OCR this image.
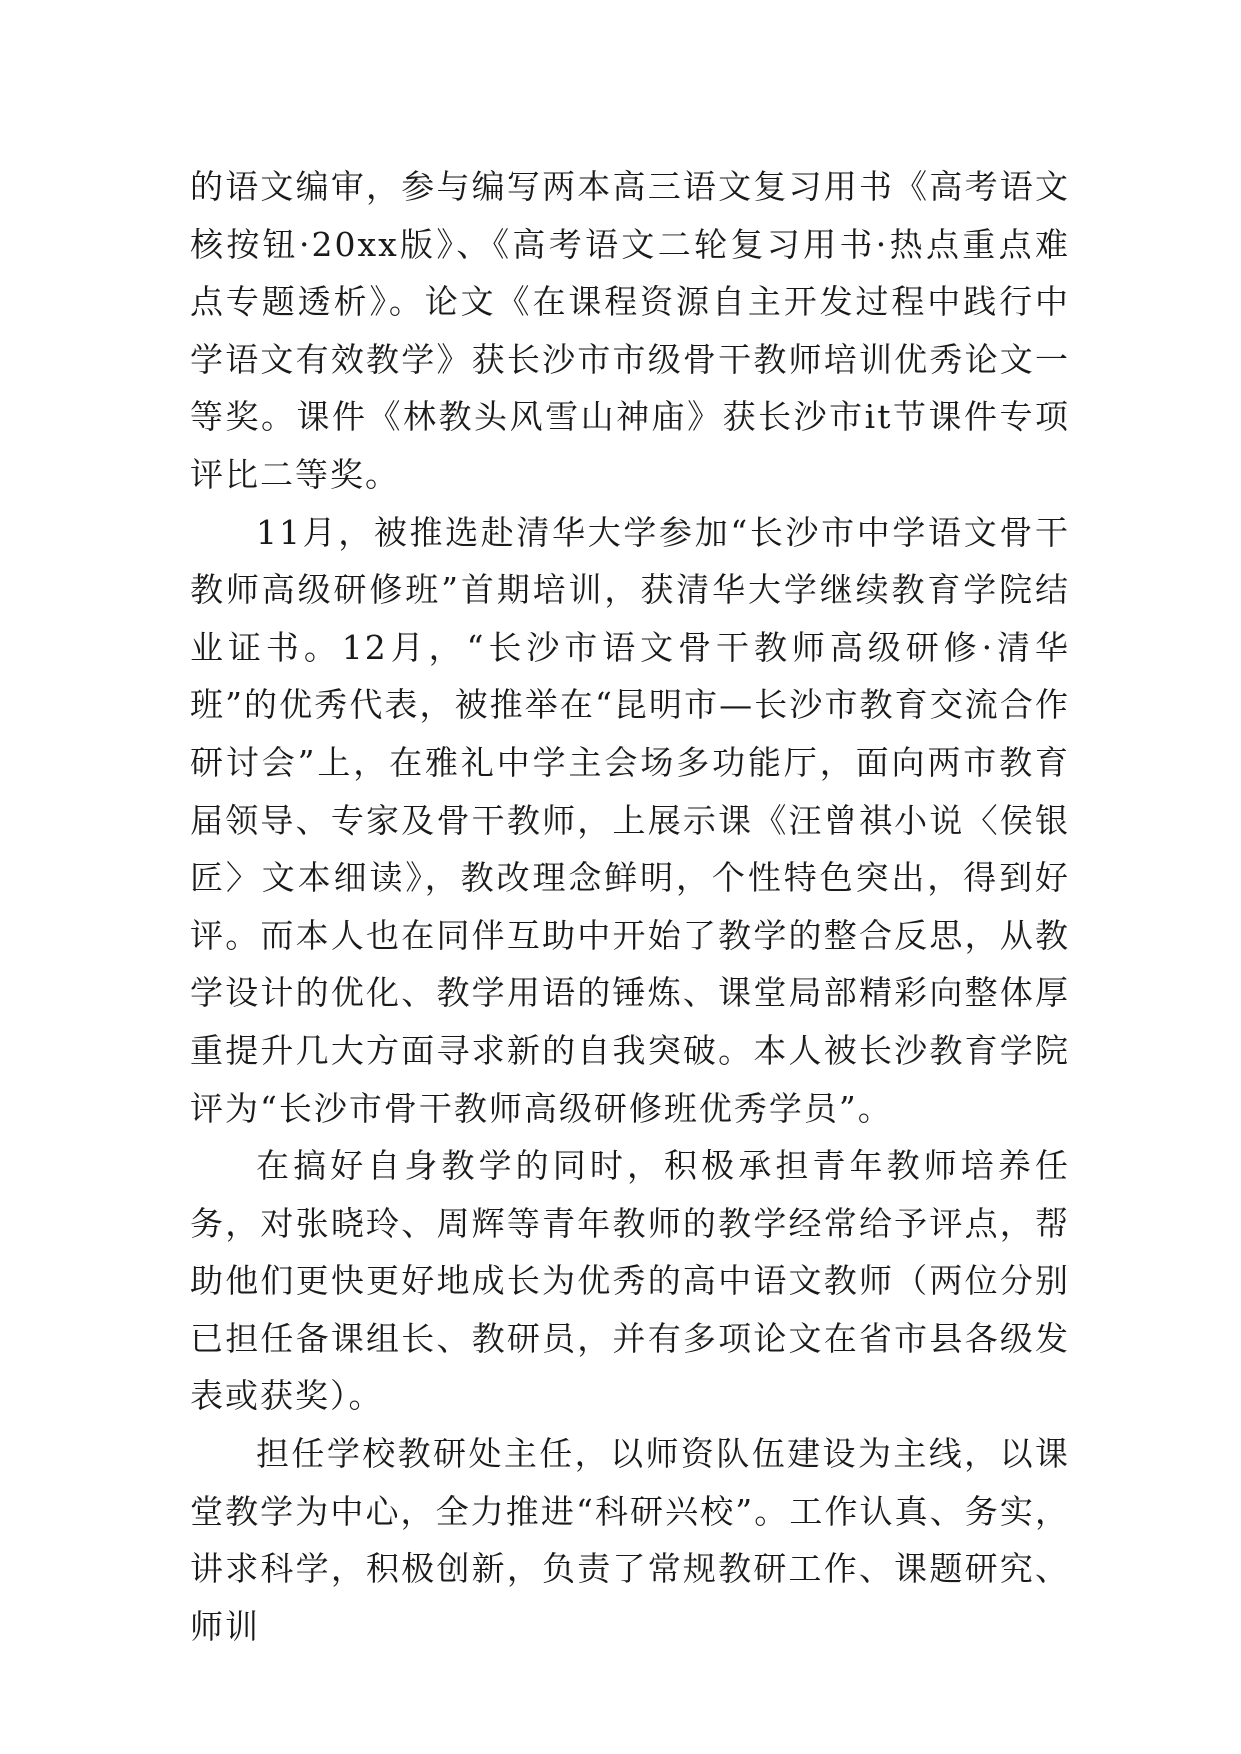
的语文编审，参与编写两本高三语文复习用书《高考语文核按钮·20xx版》、《高考语文二轮复习用书·热点重点难点专题透析》。论文《在课程资源自主开发过程中践行中学语文有效教学》获长沙市市级骨干教师培训优秀论文一等奖。课件《林教头风雪山神庙》获长沙市it节课件专项评比二等奖。

11月，被推选赴清华大学参加“长沙市中学语文骨干教师高级研修班”首期培训，获清华大学继续教育学院结业证书。12月，“长沙市语文骨干教师高级研修·清华班”的优秀代表，被推举在“昆明市—长沙市教育交流合作研讨会”上，在雅礼中学主会场多功能厅，面向两市教育届领导、专家及骨干教师，上展示课《汪曾祺小说〈侯银匠〉文本细读》，教改理念鲜明，个性特色突出，得到好评。而本人也在同伴互助中开始了教学的整合反思，从教学设计的优化、教学用语的锤炼、课堂局部精彩向整体厚重提升几大方面寻求新的自我突破。本人被长沙教育学院评为“长沙市骨干教师高级研修班优秀学员”。

在搞好自身教学的同时，积极承担青年教师培养任务，对张晓玲、周辉等青年教师的教学经常给予评点，帮助他们更快更好地成长为优秀的高中语文教师（两位分别已担任备课组长、教研员，并有多项论文在省市县各级发表或获奖）。

担任学校教研处主任，以师资队伍建设为主线，以课堂教学为中心，全力推进“科研兴校”。工作认真、务实，讲求科学，积极创新，负责了常规教研工作、课题研究、师训
